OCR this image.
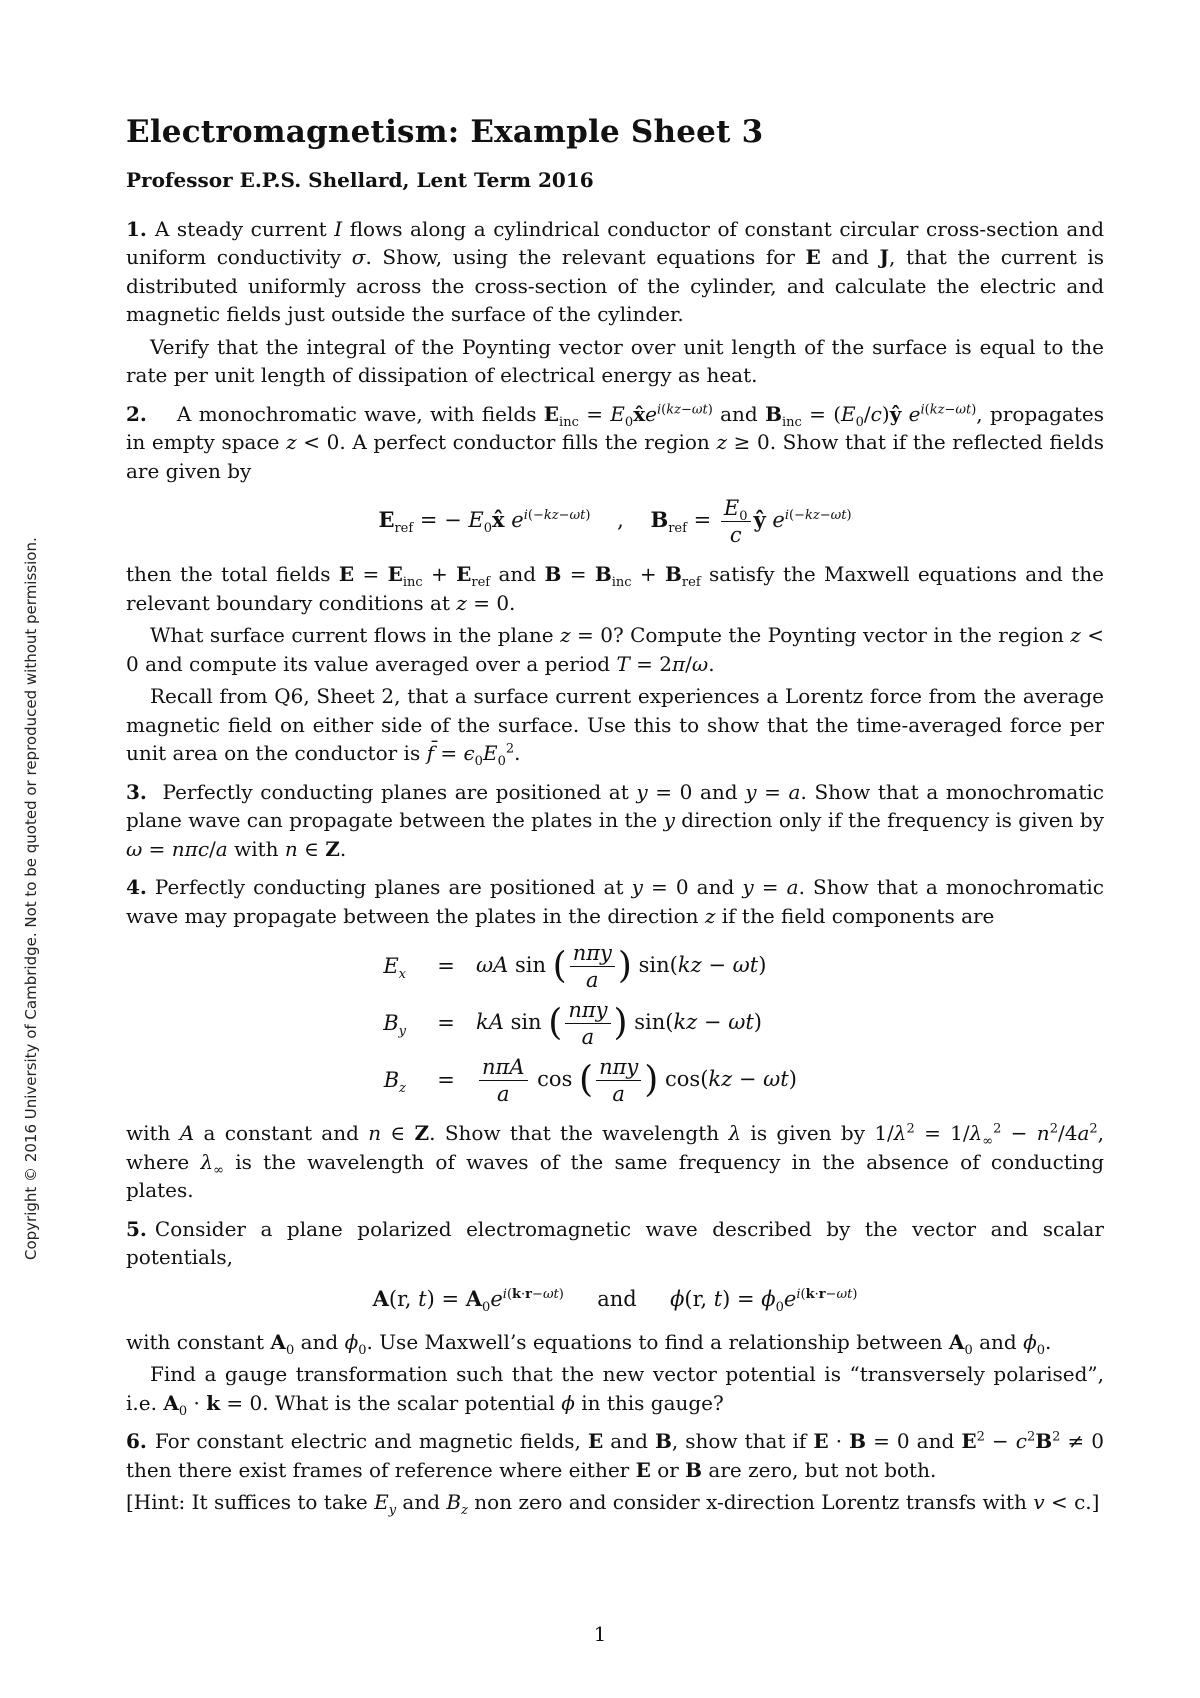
Copyright © 2016 University of Cambridge. Not to be quoted or reproduced without permission.
Electromagnetism: Example Sheet 3
Professor E.P.S. Shellard, Lent Term 2016

1. A steady current I flows along a cylindrical conductor of constant circular cross-section and uniform conductivity σ. Show, using the relevant equations for E and J, that the current is distributed uniformly across the cross-section of the cylinder, and calculate the electric and magnetic fields just outside the surface of the cylinder.

Verify that the integral of the Poynting vector over unit length of the surface is equal to the rate per unit length of dissipation of electrical energy as heat.

2.   A monochromatic wave, with fields $E_{inc}$ = $E_0x̂e^{i(kz-\omega t)}$ and $B_{inc}$ = $(E_0/c)ŷ$ $e^{i(kz-\omega t)}$, propagates in empty space z < 0. A perfect conductor fills the region z ≥ 0. Show that if the reflected fields are given by

$E_{ref}$ = − $E_0x̂$ $e^{i(-kz-\omega t)}$    ,    $B_{ref} = \frac{E_0}{c}$ ŷ $e^{i(-kz-\omega t)}$

then the total fields $E = E_{inc} + E_{ref}$ and $B = B_{inc} + B_{ref}$ satisfy the Maxwell equations and the relevant boundary conditions at z = 0.

What surface current flows in the plane z = 0? Compute the Poynting vector in the region z < 0 and compute its value averaged over a period T = 2π/ω.

Recall from Q6, Sheet 2, that a surface current experiences a Lorentz force from the average magnetic field on either side of the surface. Use this to show that the time-averaged force per unit area on the conductor is f̄ = $\epsilon_0E_0^2$.

3. Perfectly conducting planes are positioned at y = 0 and y = a. Show that a monochromatic plane wave can propagate between the plates in the y direction only if the frequency is given by ω = nπc/a with n ∈ Z.

4. Perfectly conducting planes are positioned at y = 0 and y = a. Show that a monochromatic wave may propagate between the plates in the direction z if the field components are

$E_x$	=	ωA sin ( $\frac{\text{nπy}}{a}$ ) sin(kz − ωt)
$B_y$	=	kA sin ( $\frac{\text{nπy}}{a}$ ) sin(kz − ωt)
$B_z$	=	$\frac{\text{nπA}}{a}$ cos ( $\frac{\text{nπy}}{a}$ ) cos(kz − ωt)

with A a constant and n ∈ Z. Show that the wavelength λ is given by $1/\lambda^2 = 1/\lambda_\infty^2 - n^2/4a^2$, where $\lambda_\infty$ is the wavelength of waves of the same frequency in the absence of conducting plates.

5. Consider a plane polarized electromagnetic wave described by the vector and scalar potentials,

A(r, $t) = A_0e^{i(k\cdot r-\omega t)}$     and     ϕ(r, $t) = \phi_0e^{i(k\cdot r-\omega t)}$

with constant $A_0$ and $\phi_0$. Use Maxwell’s equations to find a relationship between $A_0$ and $\phi_0$.

Find a gauge transformation such that the new vector potential is “transversely polarised”, i.e. $A_0 \cdot k = 0$. What is the scalar potential ϕ in this gauge?

6. For constant electric and magnetic fields, E and B, show that if E · B = 0 and $E^2 - c^2B^2 \ne 0$ then there exist frames of reference where either E or B are zero, but not both.

[Hint: It suffices to take $E_y$ and $B_z$ non zero and consider x-direction Lorentz transfs with v < c.]

1
